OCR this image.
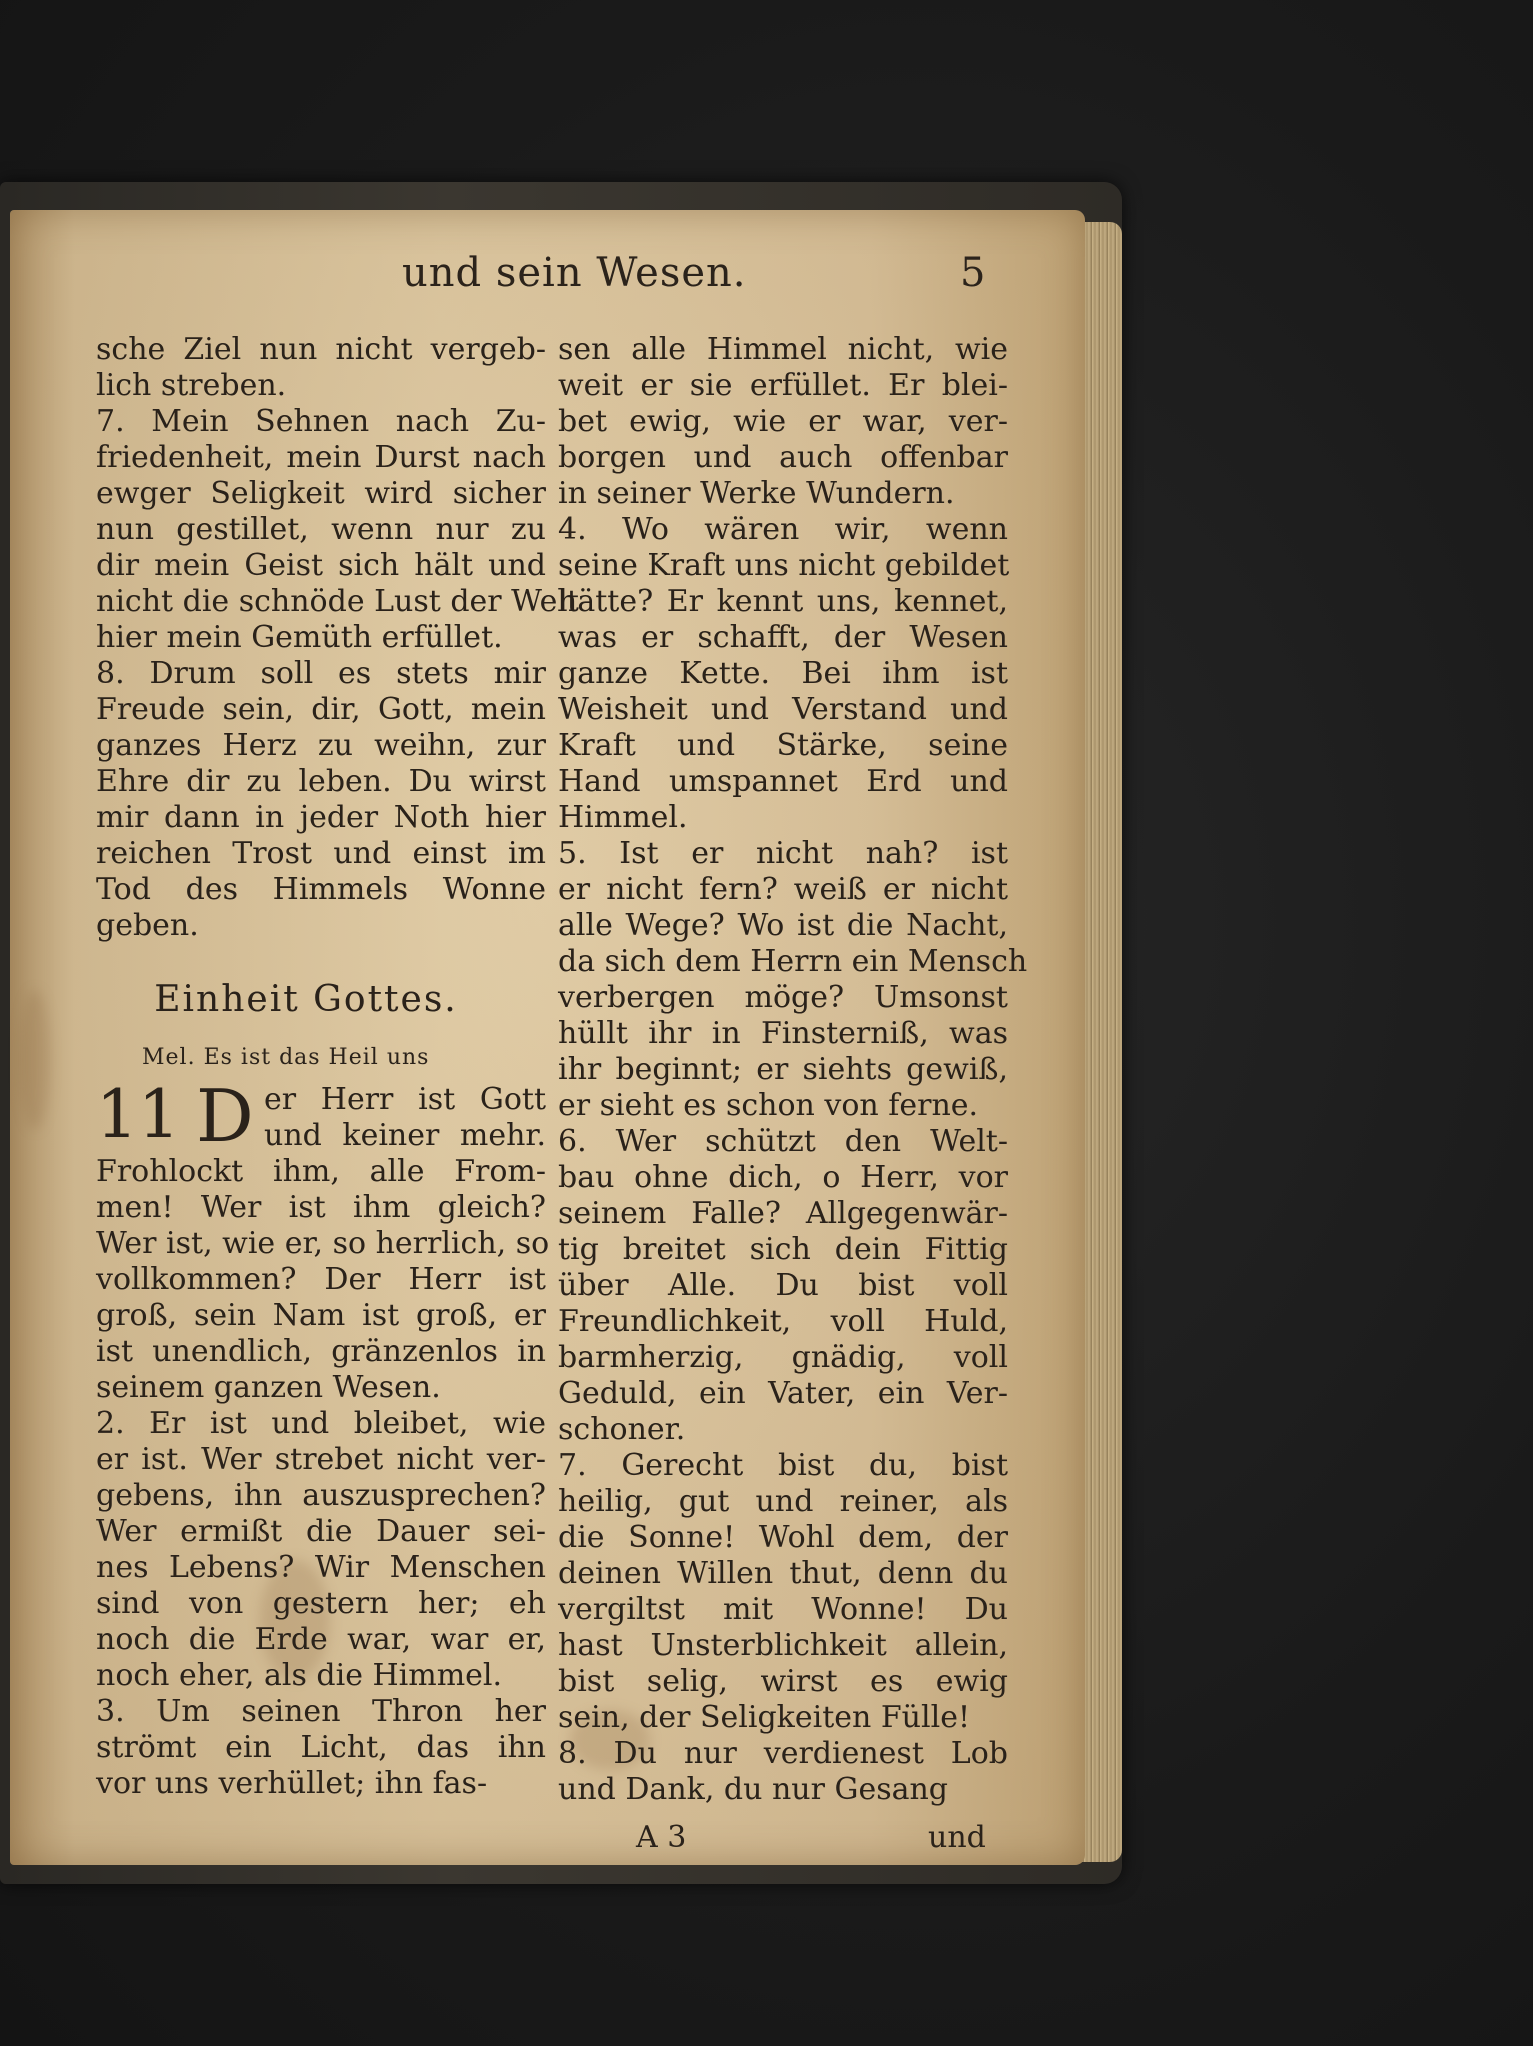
und sein Wesen.	5
sche Ziel nun nicht vergeb-
lich streben.
7. Mein Sehnen nach Zu-
friedenheit, mein Durst nach
ewger Seligkeit wird sicher
nun gestillet, wenn nur zu
dir mein Geist sich hält und
nicht die schnöde Lust der Welt
hier mein Gemüth erfüllet.
8. Drum soll es stets mir
Freude sein, dir, Gott, mein
ganzes Herz zu weihn, zur
Ehre dir zu leben. Du wirst
mir dann in jeder Noth hier
reichen Trost und einst im
Tod des Himmels Wonne
geben.
Einheit Gottes.
Mel. Es ist das Heil uns
11 D er Herr ist Gott
und keiner mehr.
Frohlockt ihm, alle From-
men! Wer ist ihm gleich?
Wer ist, wie er, so herrlich, so
vollkommen? Der Herr ist
groß, sein Nam ist groß, er
ist unendlich, gränzenlos in
seinem ganzen Wesen.
2. Er ist und bleibet, wie
er ist. Wer strebet nicht ver-
gebens, ihn auszusprechen?
Wer ermißt die Dauer sei-
nes Lebens? Wir Menschen
sind von gestern her; eh
noch die Erde war, war er,
noch eher, als die Himmel.
3. Um seinen Thron her
strömt ein Licht, das ihn
vor uns verhüllet; ihn fas-
sen alle Himmel nicht, wie
weit er sie erfüllet. Er blei-
bet ewig, wie er war, ver-
borgen und auch offenbar
in seiner Werke Wundern.
4. Wo wären wir, wenn
seine Kraft uns nicht gebildet
hätte? Er kennt uns, kennet,
was er schafft, der Wesen
ganze Kette. Bei ihm ist
Weisheit und Verstand und
Kraft und Stärke, seine
Hand umspannet Erd und
Himmel.
5. Ist er nicht nah? ist
er nicht fern? weiß er nicht
alle Wege? Wo ist die Nacht,
da sich dem Herrn ein Mensch
verbergen möge? Umsonst
hüllt ihr in Finsterniß, was
ihr beginnt; er siehts gewiß,
er sieht es schon von ferne.
6. Wer schützt den Welt-
bau ohne dich, o Herr, vor
seinem Falle? Allgegenwär-
tig breitet sich dein Fittig
über Alle. Du bist voll
Freundlichkeit, voll Huld,
barmherzig, gnädig, voll
Geduld, ein Vater, ein Ver-
schoner.
7. Gerecht bist du, bist
heilig, gut und reiner, als
die Sonne! Wohl dem, der
deinen Willen thut, denn du
vergiltst mit Wonne! Du
hast Unsterblichkeit allein,
bist selig, wirst es ewig
sein, der Seligkeiten Fülle!
8. Du nur verdienest Lob
und Dank, du nur Gesang
A 3	und
